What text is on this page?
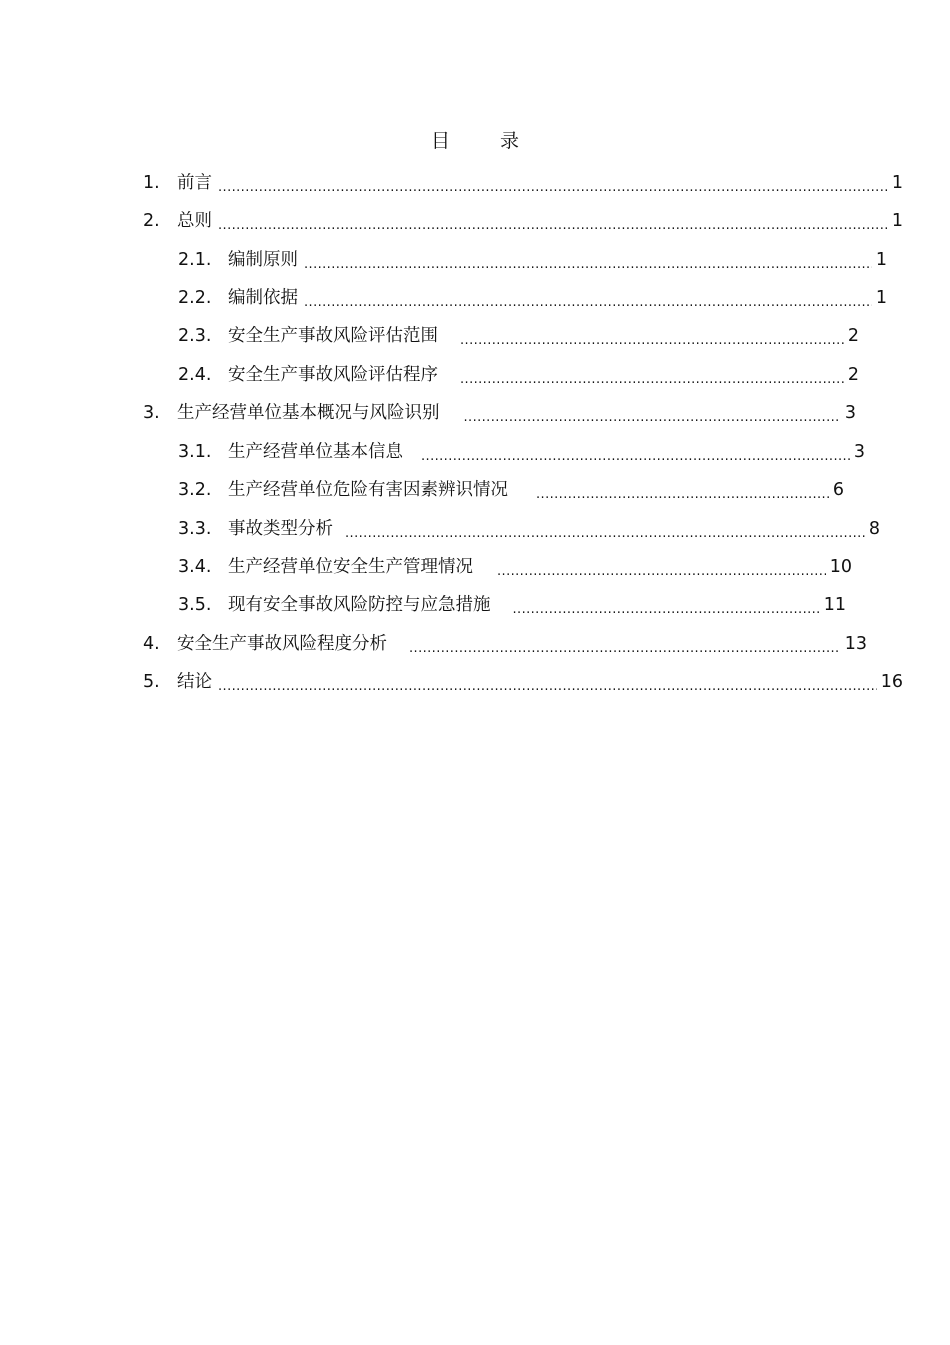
目 录
1. 前言 .....	1
2. 总则 .....	1
2.1. 编制原则 .....	1
2.2. 编制依据 .....	1
2.3. 安全生产事故风险评估范围 .....	2
2.4. 安全生产事故风险评估程序 .....	2
3. 生产经营单位基本概况与风险识别 .....	3
3.1. 生产经营单位基本信息 .....	3
3.2. 生产经营单位危险有害因素辨识情况 .....	6
3.3. 事故类型分析 .....	8
3.4. 生产经营单位安全生产管理情况 .....	10
3.5. 现有安全事故风险防控与应急措施 .....	11
4. 安全生产事故风险程度分析 .....	13
5. 结论 .....	16
